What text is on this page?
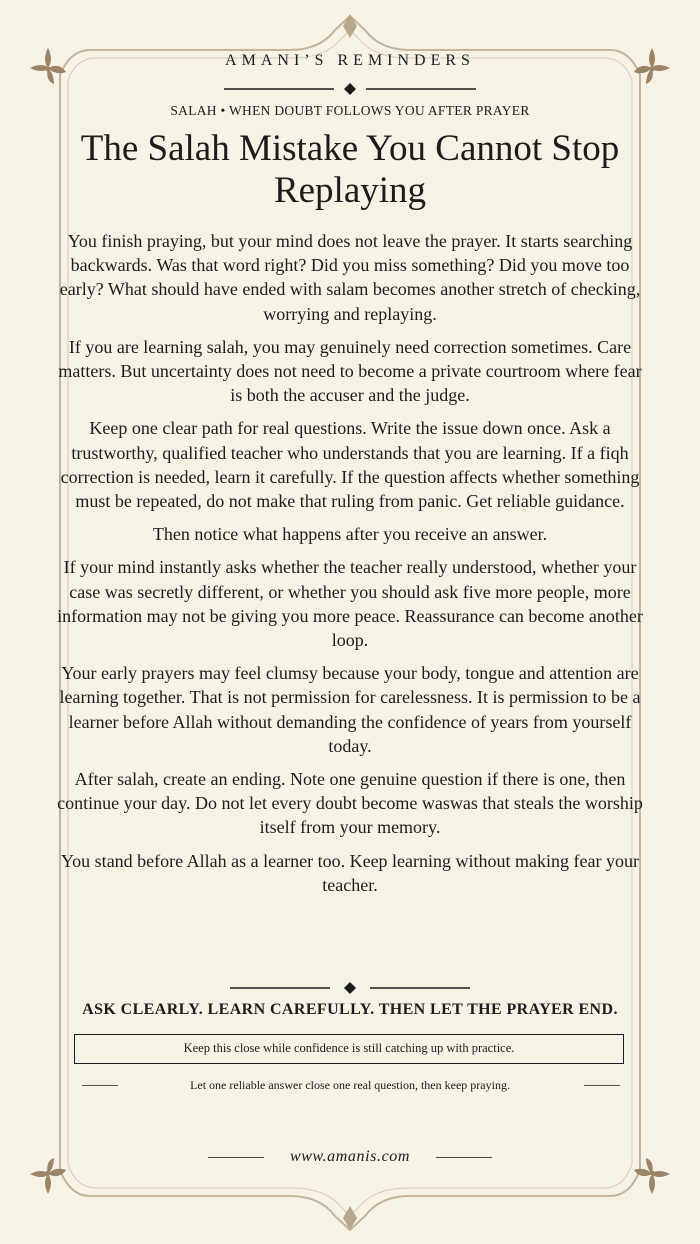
AMANI’S REMINDERS
SALAH • WHEN DOUBT FOLLOWS YOU AFTER PRAYER
The Salah Mistake You Cannot Stop Replaying

You finish praying, but your mind does not leave the prayer. It starts searching backwards. Was that word right? Did you miss something? Did you move too early? What should have ended with salam becomes another stretch of checking, worrying and replaying.

If you are learning salah, you may genuinely need correction sometimes. Care matters. But uncertainty does not need to become a private courtroom where fear is both the accuser and the judge.

Keep one clear path for real questions. Write the issue down once. Ask a trustworthy, qualified teacher who understands that you are learning. If a fiqh correction is needed, learn it carefully. If the question affects whether something must be repeated, do not make that ruling from panic. Get reliable guidance.

Then notice what happens after you receive an answer.

If your mind instantly asks whether the teacher really understood, whether your case was secretly different, or whether you should ask five more people, more information may not be giving you more peace. Reassurance can become another loop.

Your early prayers may feel clumsy because your body, tongue and attention are learning together. That is not permission for carelessness. It is permission to be a learner before Allah without demanding the confidence of years from yourself today.

After salah, create an ending. Note one genuine question if there is one, then continue your day. Do not let every doubt become waswas that steals the worship itself from your memory.

You stand before Allah as a learner too. Keep learning without making fear your teacher.

ASK CLEARLY. LEARN CAREFULLY. THEN LET THE PRAYER END.
Keep this close while confidence is still catching up with practice.
Let one reliable answer close one real question, then keep praying.
www.amanis.com
